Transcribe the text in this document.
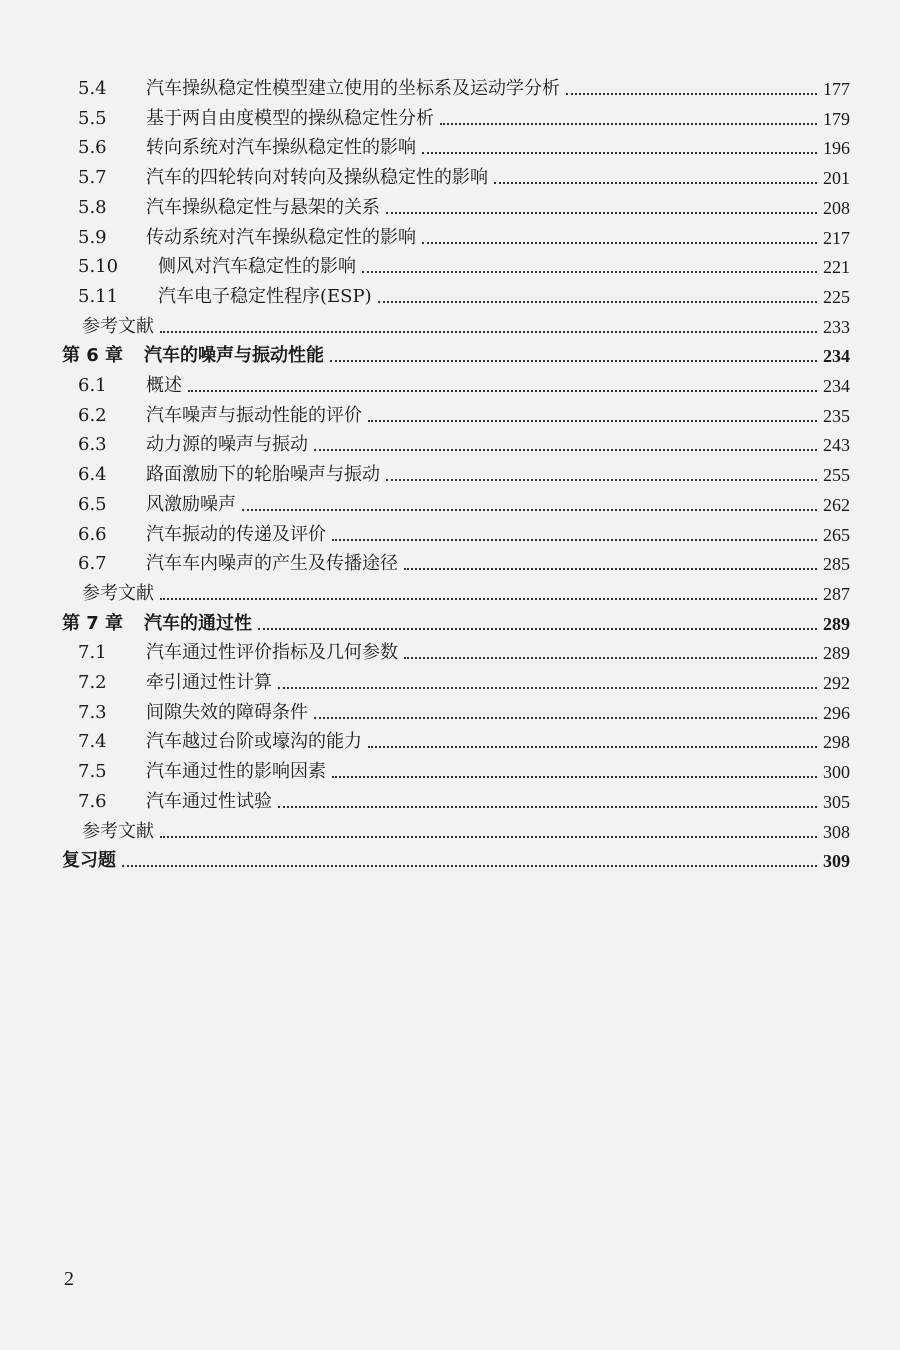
5.4	汽车操纵稳定性模型建立使用的坐标系及运动学分析	177
5.5	基于两自由度模型的操纵稳定性分析	179
5.6	转向系统对汽车操纵稳定性的影响	196
5.7	汽车的四轮转向对转向及操纵稳定性的影响	201
5.8	汽车操纵稳定性与悬架的关系	208
5.9	传动系统对汽车操纵稳定性的影响	217
5.10	侧风对汽车稳定性的影响	221
5.11	汽车电子稳定性程序(ESP)	225
参考文献	233
第 6 章	汽车的噪声与振动性能	234
6.1	概述	234
6.2	汽车噪声与振动性能的评价	235
6.3	动力源的噪声与振动	243
6.4	路面激励下的轮胎噪声与振动	255
6.5	风激励噪声	262
6.6	汽车振动的传递及评价	265
6.7	汽车车内噪声的产生及传播途径	285
参考文献	287
第 7 章	汽车的通过性	289
7.1	汽车通过性评价指标及几何参数	289
7.2	牵引通过性计算	292
7.3	间隙失效的障碍条件	296
7.4	汽车越过台阶或壕沟的能力	298
7.5	汽车通过性的影响因素	300
7.6	汽车通过性试验	305
参考文献	308
复习题	309
2
